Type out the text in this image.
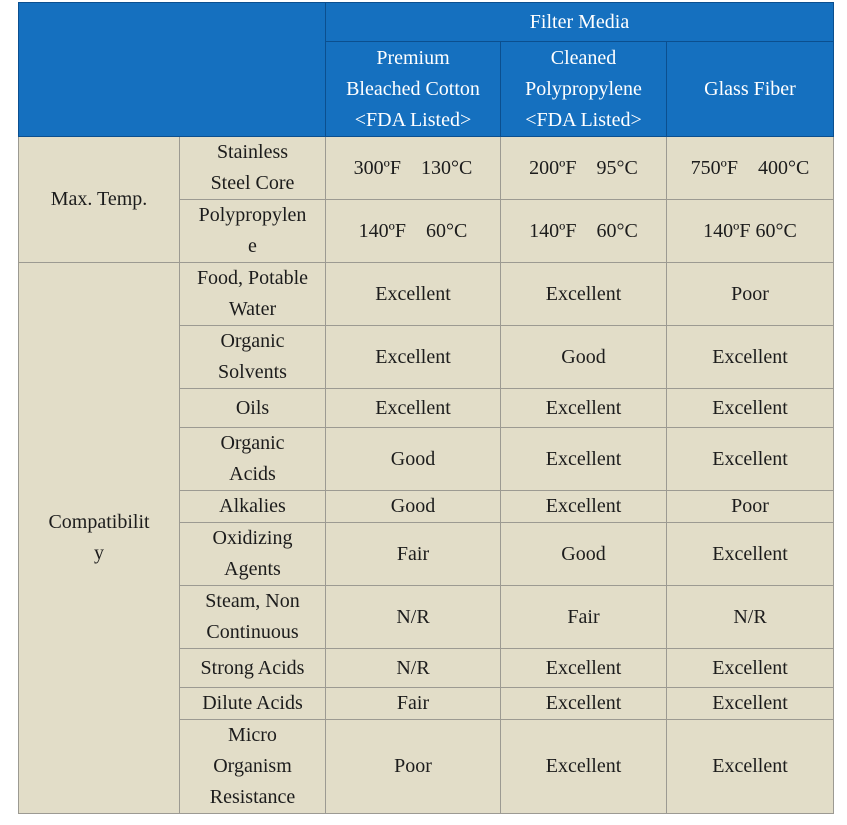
		Filter Media		

		Premium
Bleached Cotton
<FDA Listed>	Cleaned
Polypropylene
<FDA Listed>	Glass Fiber

Max. Temp.	Stainless
Steel Core	300ºF    130°C	200ºF    95°C	750ºF    400°C

	Polypropylen
e	140ºF    60°C	140ºF    60°C	140ºF 60°C

Compatibilit
y	Food, Potable
Water	Excellent	Excellent	Poor

	Organic
Solvents	Excellent	Good	Excellent

	Oils	Excellent	Excellent	Excellent

	Organic
Acids	Good	Excellent	Excellent

	Alkalies	Good	Excellent	Poor

	Oxidizing
Agents	Fair	Good	Excellent

	Steam, Non
Continuous	N/R	Fair	N/R

	Strong Acids	N/R	Excellent	Excellent

	Dilute Acids	Fair	Excellent	Excellent

	Micro
Organism
Resistance	Poor	Excellent	Excellent
